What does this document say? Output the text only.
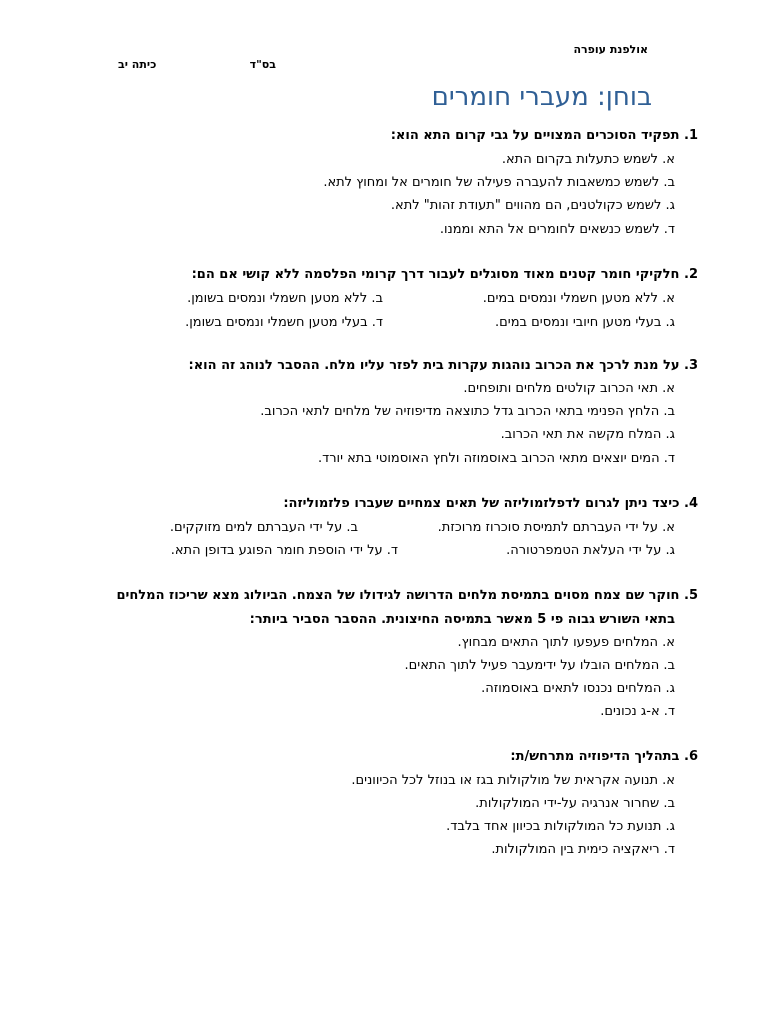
אולפנת עופרה
בס"ד
כיתה יב
בוחן: מעברי חומרים
1. תפקיד הסוכרים המצויים על גבי קרום התא הוא:
א. לשמש כתעלות בקרום התא.
ב. לשמש כמשאבות להעברה פעילה של חומרים אל ומחוץ לתא.
ג. לשמש כקולטנים, הם מהווים "תעודת זהות" לתא.
ד. לשמש כנשאים לחומרים אל התא וממנו.
2. חלקיקי חומר קטנים מאוד מסוגלים לעבור דרך קרומי הפלסמה ללא קושי אם הם:
א. ללא מטען חשמלי ונמסים במים.
ב. ללא מטען חשמלי ונמסים בשומן.
ג. בעלי מטען חיובי ונמסים במים.
ד. בעלי מטען חשמלי ונמסים בשומן.
3. על מנת לרכך את הכרוב נוהגות עקרות בית לפזר עליו מלח. ההסבר לנוהג זה הוא:
א. תאי הכרוב קולטים מלחים ותופחים.
ב. הלחץ הפנימי בתאי הכרוב גדל כתוצאה מדיפוזיה של מלחים לתאי הכרוב.
ג. המלח מקשה את תאי הכרוב.
ד. המים יוצאים מתאי הכרוב באוסמוזה ולחץ האוסמוטי בתא יורד.
4. כיצד ניתן לגרום לדפלזמוליזה של תאים צמחיים שעברו פלזמוליזה:
א. על ידי העברתם לתמיסת סוכרוז מרוכזת.
ב. על ידי העברתם למים מזוקקים.
ג. על ידי העלאת הטמפרטורה.
ד. על ידי הוספת חומר הפוגע בדופן התא.
5. חוקר שם צמח מסוים בתמיסת מלחים הדרושה לגידולו של הצמח. הביולוג מצא שריכוז המלחים
בתאי השורש גבוה פי 5 מאשר בתמיסה החיצונית. ההסבר הסביר ביותר:
א. המלחים פעפעו לתוך התאים מבחוץ.
ב. המלחים הובלו על ידימעבר פעיל לתוך התאים.
ג. המלחים נכנסו לתאים באוסמוזה.
ד. א-ג נכונים.
6. בתהליך הדיפוזיה מתרחש/ת:
א. תנועה אקראית של מולקולות בגז או בנוזל לכל הכיוונים.
ב. שחרור אנרגיה על-ידי המולקולות.
ג. תנועת כל המולקולות בכיוון אחד בלבד.
ד. ריאקציה כימית בין המולקולות.
